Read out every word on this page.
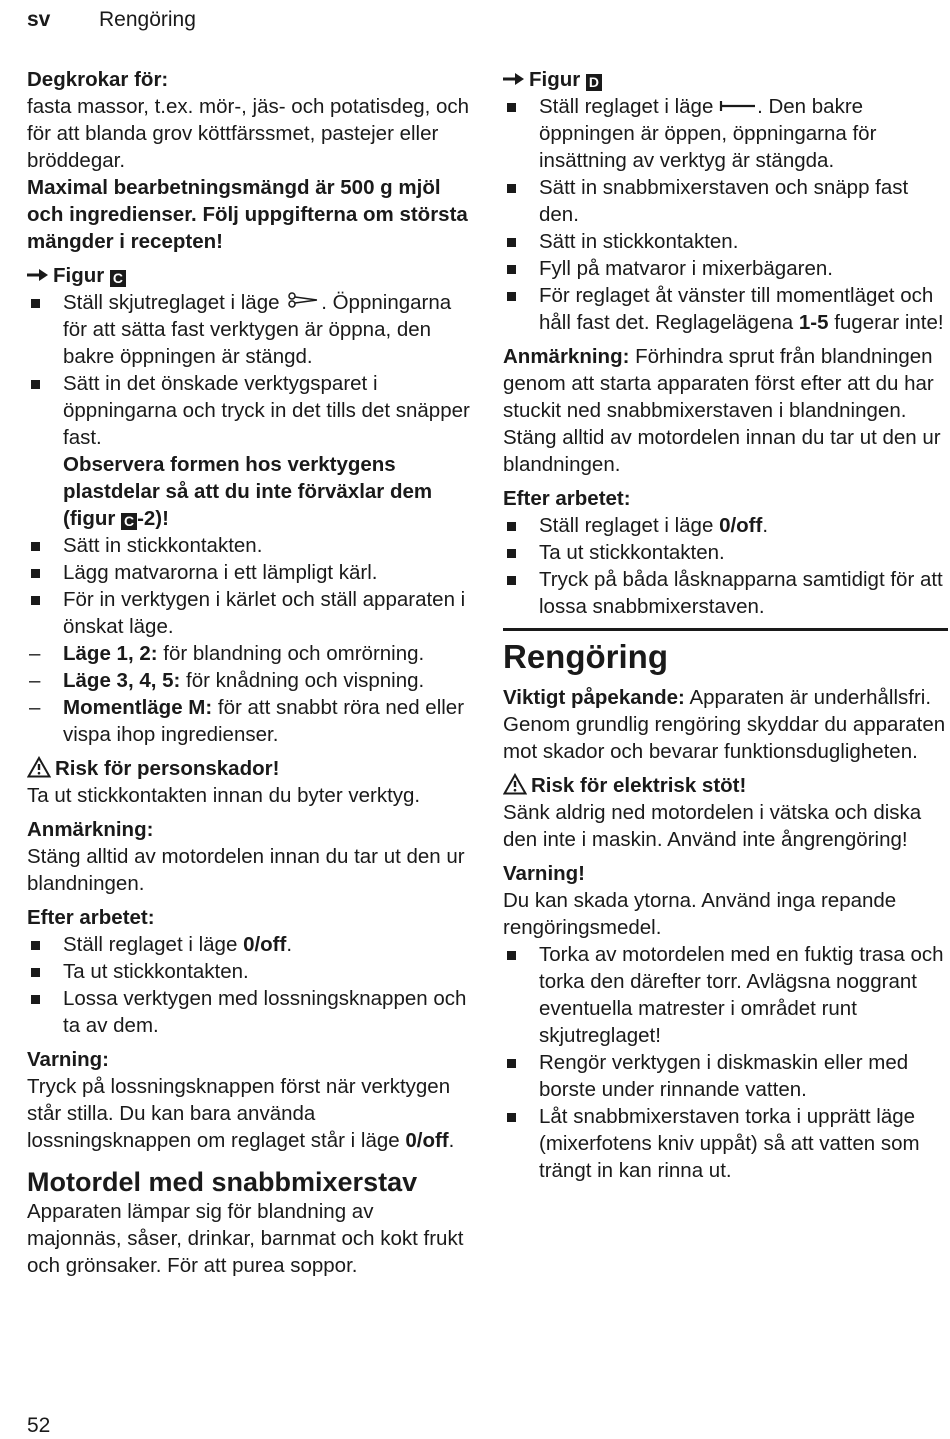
sv Rengöring

Degkrokar för:

fasta massor, t.ex. mör-, jäs- och potatisdeg, och för att blanda grov köttfärssmet, pastejer eller bröddegar.

Maximal bearbetningsmängd är 500 g mjöl och ingredienser. Följ uppgifterna om största mängder i recepten!

Figur C

Ställ skjutreglaget i läge . Öppningarna för att sätta fast verktygen är öppna, den bakre öppningen är stängd.

Sätt in det önskade verktygsparet i öppningarna och tryck in det tills det snäpper fast.

Observera formen hos verktygens plastdelar så att du inte förväxlar dem (figur C -2)!

Sätt in stickkontakten.

Lägg matvarorna i ett lämpligt kärl.

För in verktygen i kärlet och ställ apparaten i önskat läge.

– Läge 1, 2: för blandning och omrörning.

– Läge 3, 4, 5: för knådning och vispning.

– Momentläge M: för att snabbt röra ned eller vispa ihop ingredienser.

Risk för personskador!

Ta ut stickkontakten innan du byter verktyg.

Anmärkning:

Stäng alltid av motordelen innan du tar ut den ur blandningen.

Efter arbetet:

Ställ reglaget i läge 0/off.

Ta ut stickkontakten.

Lossa verktygen med lossningsknappen och ta av dem.

Varning:

Tryck på lossningsknappen först när verktygen står stilla. Du kan bara använda lossningsknappen om reglaget står i läge 0/off.

Motordel med snabbmixerstav

Apparaten lämpar sig för blandning av majonnäs, såser, drinkar, barnmat och kokt frukt och grönsaker. För att purea soppor.

Figur D

Ställ reglaget i läge . Den bakre öppningen är öppen, öppningarna för insättning av verktyg är stängda.

Sätt in snabbmixerstaven och snäpp fast den.

Sätt in stickkontakten.

Fyll på matvaror i mixerbägaren.

För reglaget åt vänster till momentläget och håll fast det. Reglagelägena 1-5 fugerar inte!

Anmärkning: Förhindra sprut från blandningen genom att starta apparaten först efter att du har stuckit ned snabbmixerstaven i blandningen. Stäng alltid av motordelen innan du tar ut den ur blandningen.

Efter arbetet:

Ställ reglaget i läge 0/off.

Ta ut stickkontakten.

Tryck på båda låsknapparna samtidigt för att lossa snabbmixerstaven.

Rengöring

Viktigt påpekande: Apparaten är underhållsfri. Genom grundlig rengöring skyddar du apparaten mot skador och bevarar funktionsdugligheten.

Risk för elektrisk stöt!

Sänk aldrig ned motordelen i vätska och diska den inte i maskin. Använd inte ångrengöring!

Varning!

Du kan skada ytorna. Använd inga repande rengöringsmedel.

Torka av motordelen med en fuktig trasa och torka den därefter torr. Avlägsna noggrant eventuella matrester i området runt skjutreglaget!

Rengör verktygen i diskmaskin eller med borste under rinnande vatten.

Låt snabbmixerstaven torka i upprätt läge (mixerfotens kniv uppåt) så att vatten som trängt in kan rinna ut.

52
